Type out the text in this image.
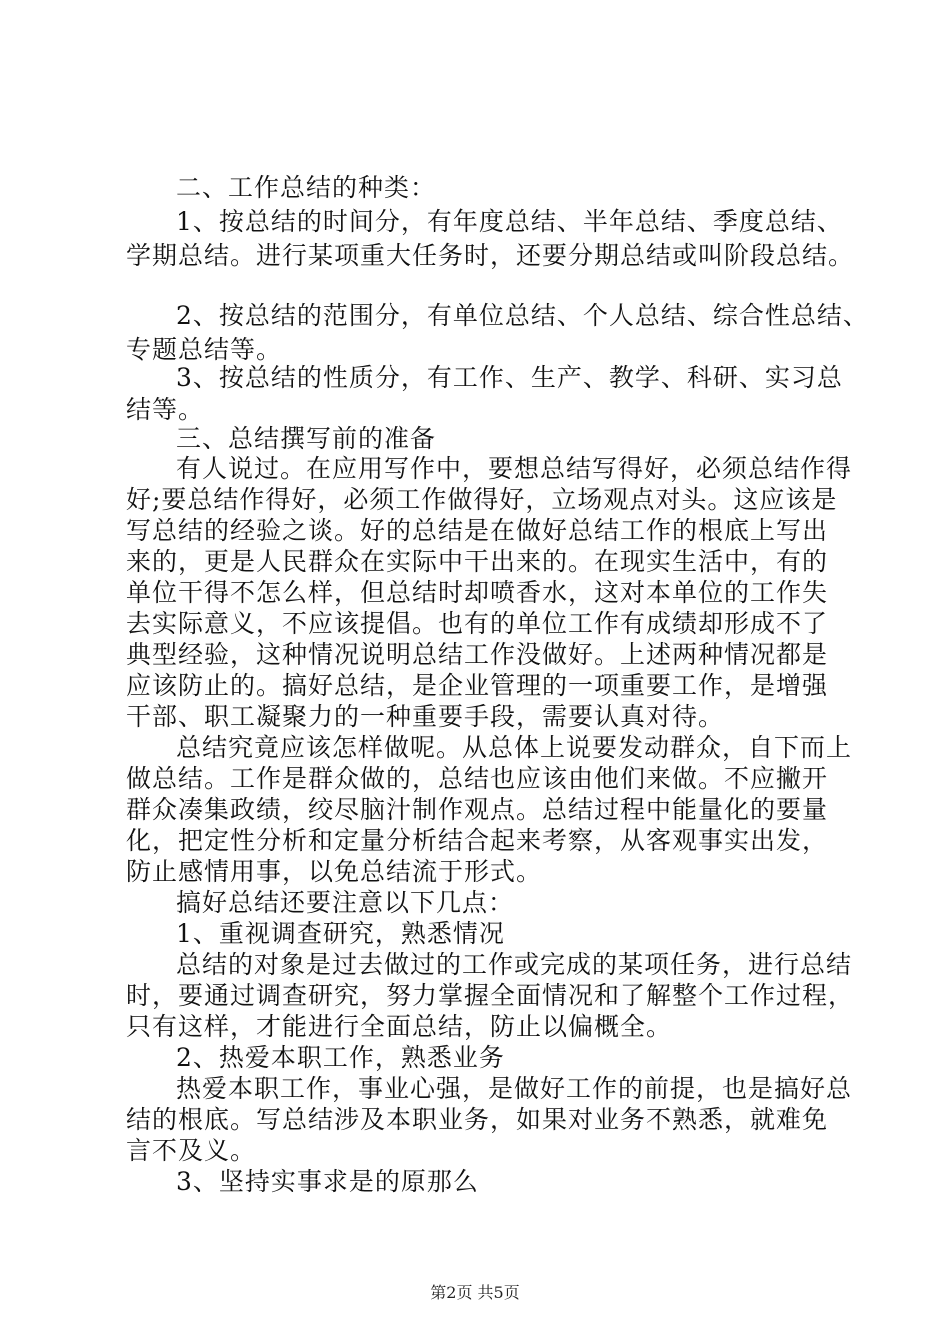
二、工作总结的种类：
1、按总结的时间分，有年度总结、半年总结、季度总结、
学期总结。进行某项重大任务时，还要分期总结或叫阶段总结。
2、按总结的范围分，有单位总结、个人总结、综合性总结、
专题总结等。
3、按总结的性质分，有工作、生产、教学、科研、实习总
结等。
三、总结撰写前的准备
有人说过。在应用写作中，要想总结写得好，必须总结作得
好;要总结作得好，必须工作做得好，立场观点对头。这应该是
写总结的经验之谈。好的总结是在做好总结工作的根底上写出
来的，更是人民群众在实际中干出来的。在现实生活中，有的
单位干得不怎么样，但总结时却喷香水，这对本单位的工作失
去实际意义，不应该提倡。也有的单位工作有成绩却形成不了
典型经验，这种情况说明总结工作没做好。上述两种情况都是
应该防止的。搞好总结，是企业管理的一项重要工作，是增强
干部、职工凝聚力的一种重要手段，需要认真对待。
总结究竟应该怎样做呢。从总体上说要发动群众，自下而上
做总结。工作是群众做的，总结也应该由他们来做。不应撇开
群众凑集政绩，绞尽脑汁制作观点。总结过程中能量化的要量
化，把定性分析和定量分析结合起来考察，从客观事实出发，
防止感情用事，以免总结流于形式。
搞好总结还要注意以下几点：
1、重视调查研究，熟悉情况
总结的对象是过去做过的工作或完成的某项任务，进行总结
时，要通过调查研究，努力掌握全面情况和了解整个工作过程，
只有这样，才能进行全面总结，防止以偏概全。
2、热爱本职工作，熟悉业务
热爱本职工作，事业心强，是做好工作的前提，也是搞好总
结的根底。写总结涉及本职业务，如果对业务不熟悉，就难免
言不及义。
3、坚持实事求是的原那么
第2页 共5页
